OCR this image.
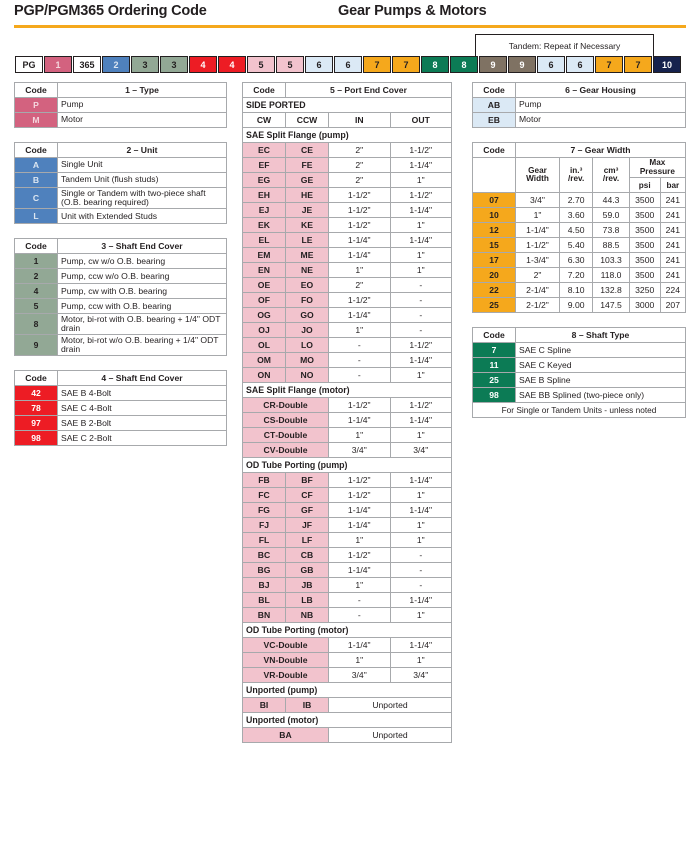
PGP/PGM365 Ordering Code	Gear Pumps & Motors
Tandem: Repeat if Necessary
PG	1	365	2	3	3	4	4	5	5	6	6	7	7	8	8	9	9	6	6	7	7	10
Code	1 – Type
P	Pump
M	Motor
Code	2 – Unit
A	Single Unit
B	Tandem Unit (flush studs)
C	Single or Tandem with two-piece shaft (O.B. bearing required)
L	Unit with Extended Studs
Code	3 – Shaft End Cover
1	Pump, cw w/o O.B. bearing
2	Pump, ccw w/o O.B. bearing
4	Pump, cw with O.B. bearing
5	Pump, ccw with O.B. bearing
8	Motor, bi-rot with O.B. bearing + 1/4" ODT drain
9	Motor, bi-rot w/o O.B. bearing + 1/4" ODT drain
Code	4 – Shaft End Cover
42	SAE B 4-Bolt
78	SAE C 4-Bolt
97	SAE B 2-Bolt
98	SAE C 2-Bolt
Code	5 – Port End Cover		
SIDE PORTED			
CW	CCW	IN	OUT
SAE Split Flange (pump)			
EC	CE	2"	1-1/2"
EF	FE	2"	1-1/4"
EG	GE	2"	1"
EH	HE	1-1/2"	1-1/2"
EJ	JE	1-1/2"	1-1/4"
EK	KE	1-1/2"	1"
EL	LE	1-1/4"	1-1/4"
EM	ME	1-1/4"	1"
EN	NE	1"	1"
OE	EO	2"	-
OF	FO	1-1/2"	-
OG	GO	1-1/4"	-
OJ	JO	1"	-
OL	LO	-	1-1/2"
OM	MO	-	1-1/4"
ON	NO	-	1"
SAE Split Flange (motor)			
CR-Double		1-1/2"	1-1/2"
CS-Double		1-1/4"	1-1/4"
CT-Double		1"	1"
CV-Double		3/4"	3/4"
OD Tube Porting (pump)			
FB	BF	1-1/2"	1-1/4"
FC	CF	1-1/2"	1"
FG	GF	1-1/4"	1-1/4"
FJ	JF	1-1/4"	1"
FL	LF	1"	1"
BC	CB	1-1/2"	-
BG	GB	1-1/4"	-
BJ	JB	1"	-
BL	LB	-	1-1/4"
BN	NB	-	1"
OD Tube Porting (motor)			
VC-Double		1-1/4"	1-1/4"
VN-Double		1"	1"
VR-Double		3/4"	3/4"
Unported (pump)			
BI	IB	Unported	
Unported (motor)			
BA		Unported	
Code	6 – Gear Housing
AB	Pump
EB	Motor
Code	7 – Gear Width				
	Gear Width	in.³ /rev.	cm³ /rev.	Max Pressure	
				psi	bar
07	3/4"	2.70	44.3	3500	241
10	1"	3.60	59.0	3500	241
12	1-1/4"	4.50	73.8	3500	241
15	1-1/2"	5.40	88.5	3500	241
17	1-3/4"	6.30	103.3	3500	241
20	2"	7.20	118.0	3500	241
22	2-1/4"	8.10	132.8	3250	224
25	2-1/2"	9.00	147.5	3000	207
Code	8 – Shaft Type
7	SAE C Spline
11	SAE C Keyed
25	SAE B Spline
98	SAE BB Splined (two-piece only)
For Single or Tandem Units - unless noted	
